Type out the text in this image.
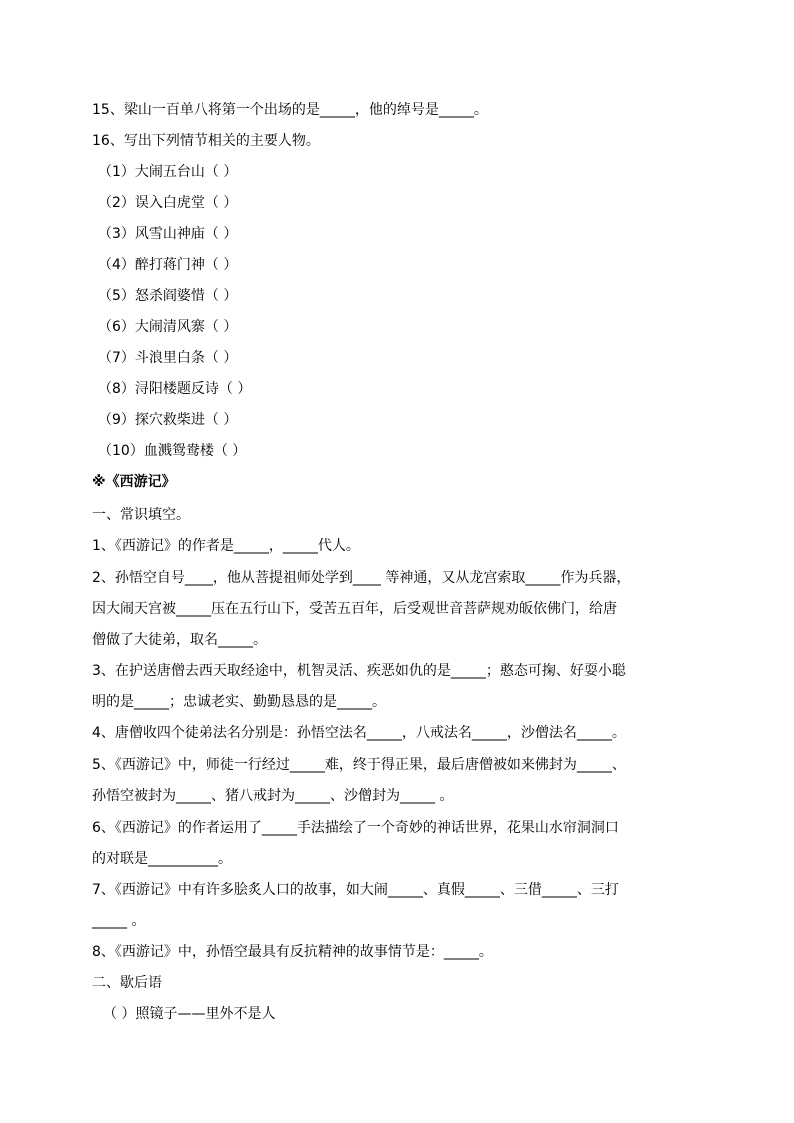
15、梁山一百单八将第一个出场的是_____，他的绰号是_____。
16、写出下列情节相关的主要人物。
（1）大闹五台山（ ）
（2）误入白虎堂（ ）
（3）风雪山神庙（ ）
（4）醉打蒋门神（ ）
（5）怒杀阎婆惜（ ）
（6）大闹清风寨（ ）
（7）斗浪里白条（ ）
（8）浔阳楼题反诗（ ）
（9）探穴救柴进（ ）
（10）血溅鸳鸯楼（ ）
※《西游记》
一、常识填空。
1、《西游记》的作者是_____，_____代人。
2、孙悟空自号____，他从菩提祖师处学到____ 等神通，又从龙宫索取_____作为兵器，
因大闹天宫被_____压在五行山下，受苦五百年，后受观世音菩萨规劝皈依佛门，给唐
僧做了大徒弟，取名_____。
3、在护送唐僧去西天取经途中，机智灵活、疾恶如仇的是_____；憨态可掬、好耍小聪
明的是_____；忠诚老实、勤勤恳恳的是_____。
4、唐僧收四个徒弟法名分别是：孙悟空法名_____，八戒法名_____，沙僧法名_____。
5、《西游记》中，师徒一行经过_____难，终于得正果，最后唐僧被如来佛封为_____、
孙悟空被封为_____、猪八戒封为_____、沙僧封为_____ 。
6、《西游记》的作者运用了_____手法描绘了一个奇妙的神话世界，花果山水帘洞洞口
的对联是__________。
7、《西游记》中有许多脍炙人口的故事，如大闹_____、真假_____、三借_____、三打
_____ 。
8、《西游记》中，孙悟空最具有反抗精神的故事情节是：_____。
二、歇后语
（ ）照镜子——里外不是人
